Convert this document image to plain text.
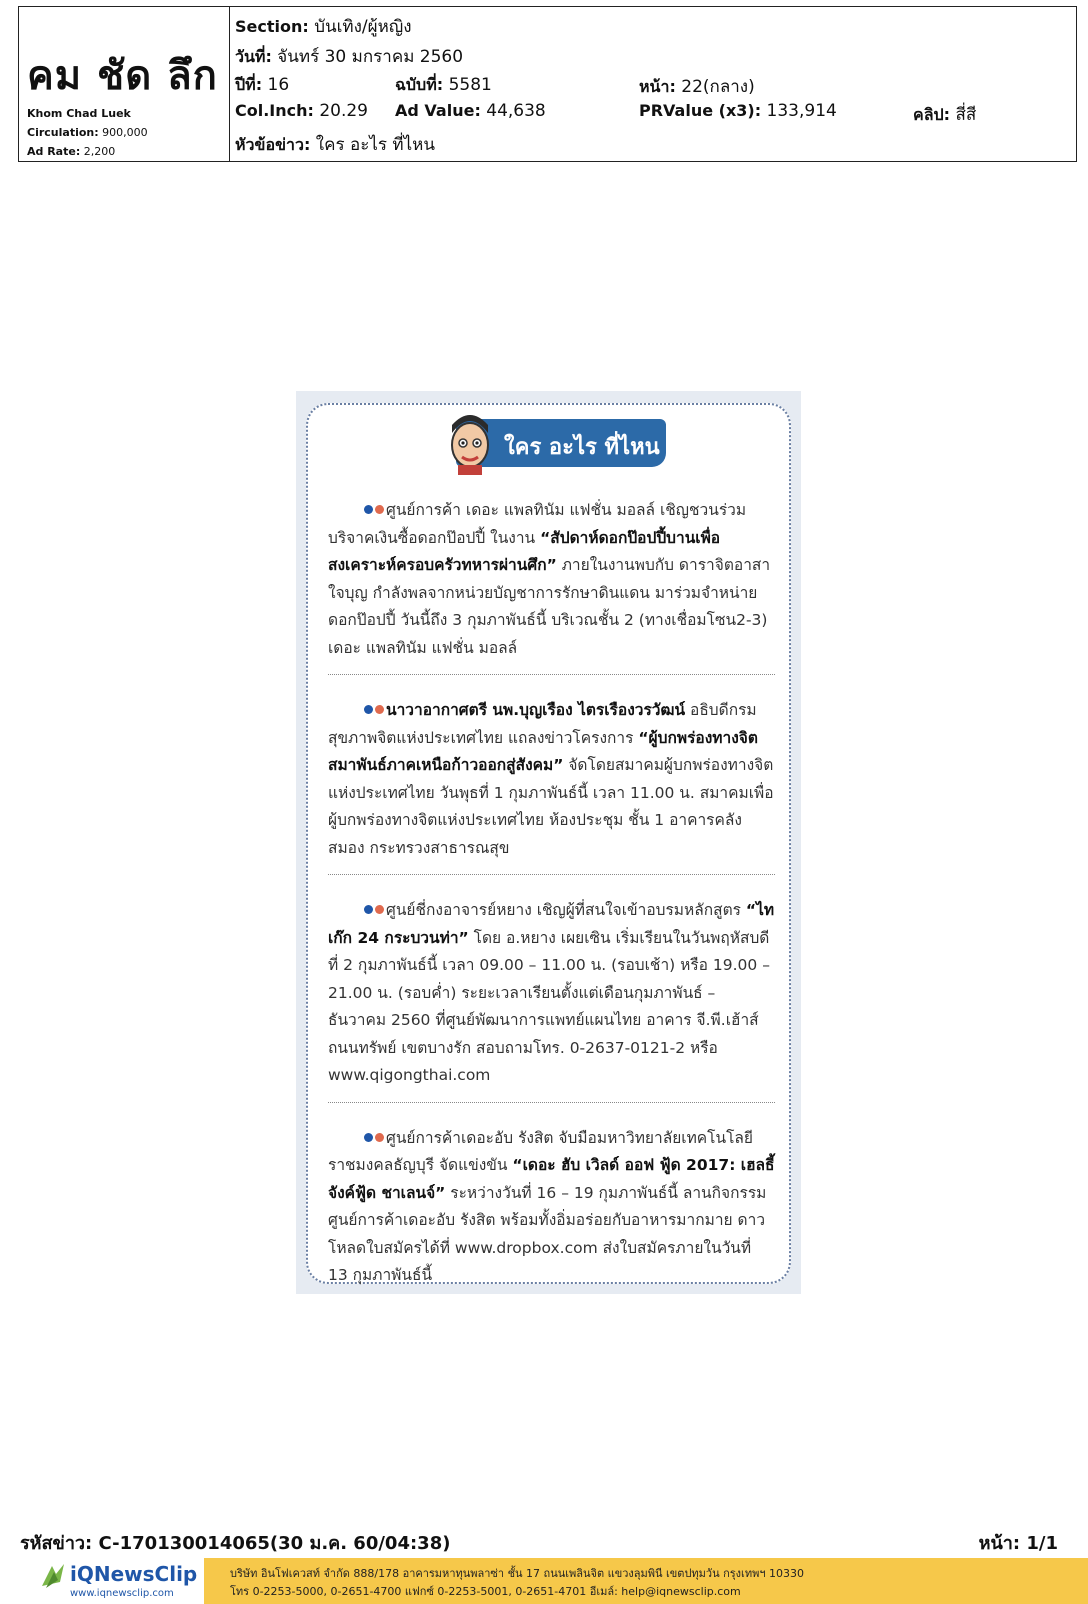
คม ชัด ลึก
Khom Chad Luek
Circulation: 900,000
Ad Rate: 2,200
Section: บันเทิง/ผู้หญิง
วันที่: จันทร์ 30 มกราคม 2560
ปีที่: 16	ฉบับที่: 5581	หน้า: 22(กลาง)
Col.Inch: 20.29 Ad Value: 44,638	PRValue (x3): 133,914	คลิป: สี่สี
หัวข้อข่าว: ใคร อะไร ที่ไหน
ใคร อะไร ที่ไหน
ศูนย์การค้า เดอะ แพลทินัม แฟชั่น มอลล์ เชิญชวนร่วมบริจาคเงินซื้อดอกป๊อปปี้ ในงาน “สัปดาห์ดอกป๊อปปี้บานเพื่อสงเคราะห์ครอบครัวทหารผ่านศึก” ภายในงานพบกับ ดาราจิตอาสาใจบุญ กำลังพลจากหน่วยบัญชาการรักษาดินแดน มาร่วมจำหน่ายดอกป๊อปปี้ วันนี้ถึง 3 กุมภาพันธ์นี้ บริเวณชั้น 2 (ทางเชื่อมโซน2-3) เดอะ แพลทินัม แฟชั่น มอลล์
นาวาอากาศตรี นพ.บุญเรือง ไตรเรืองวรวัฒน์ อธิบดีกรมสุขภาพจิตแห่งประเทศไทย แถลงข่าวโครงการ “ผู้บกพร่องทางจิตสมาพันธ์ภาคเหนือก้าวออกสู่สังคม” จัดโดยสมาคมผู้บกพร่องทางจิตแห่งประเทศไทย วันพุธที่ 1 กุมภาพันธ์นี้ เวลา 11.00 น. สมาคมเพื่อผู้บกพร่องทางจิตแห่งประเทศไทย ห้องประชุม ชั้น 1 อาคารคลังสมอง กระทรวงสาธารณสุข
ศูนย์ชี่กงอาจารย์หยาง เชิญผู้ที่สนใจเข้าอบรมหลักสูตร “ไทเก๊ก 24 กระบวนท่า” โดย อ.หยาง เผยเซิน เริ่มเรียนในวันพฤหัสบดีที่ 2 กุมภาพันธ์นี้ เวลา 09.00 – 11.00 น. (รอบเช้า) หรือ 19.00 – 21.00 น. (รอบค่ำ) ระยะเวลาเรียนตั้งแต่เดือนกุมภาพันธ์ – ธันวาคม 2560 ที่ศูนย์พัฒนาการแพทย์แผนไทย อาคาร จี.พี.เฮ้าส์ ถนนทรัพย์ เขตบางรัก สอบถามโทร. 0-2637-0121-2 หรือ www.qigongthai.com
ศูนย์การค้าเดอะอับ รังสิต จับมือมหาวิทยาลัยเทคโนโลยีราชมงคลธัญบุรี จัดแข่งขัน “เดอะ ฮับ เวิลด์ ออฟ ฟู้ด 2017: เฮลธี้ จังค์ฟู้ด ชาเลนจ์” ระหว่างวันที่ 16 – 19 กุมภาพันธ์นี้ ลานกิจกรรม ศูนย์การค้าเดอะอับ รังสิต พร้อมทั้งอิ่มอร่อยกับอาหารมากมาย ดาวโหลดใบสมัครได้ที่ www.dropbox.com ส่งใบสมัครภายในวันที่ 13 กุมภาพันธ์นี้
รหัสข่าว: C-170130014065(30 ม.ค. 60/04:38)	หน้า: 1/1
iQNewsClip
www.iqnewsclip.com
บริษัท อินโฟเควสท์ จำกัด 888/178 อาคารมหาทุนพลาซ่า ชั้น 17 ถนนเพลินจิต แขวงลุมพินี เขตปทุมวัน กรุงเทพฯ 10330
โทร 0-2253-5000, 0-2651-4700 แฟกซ์ 0-2253-5001, 0-2651-4701 อีเมล์: help@iqnewsclip.com
